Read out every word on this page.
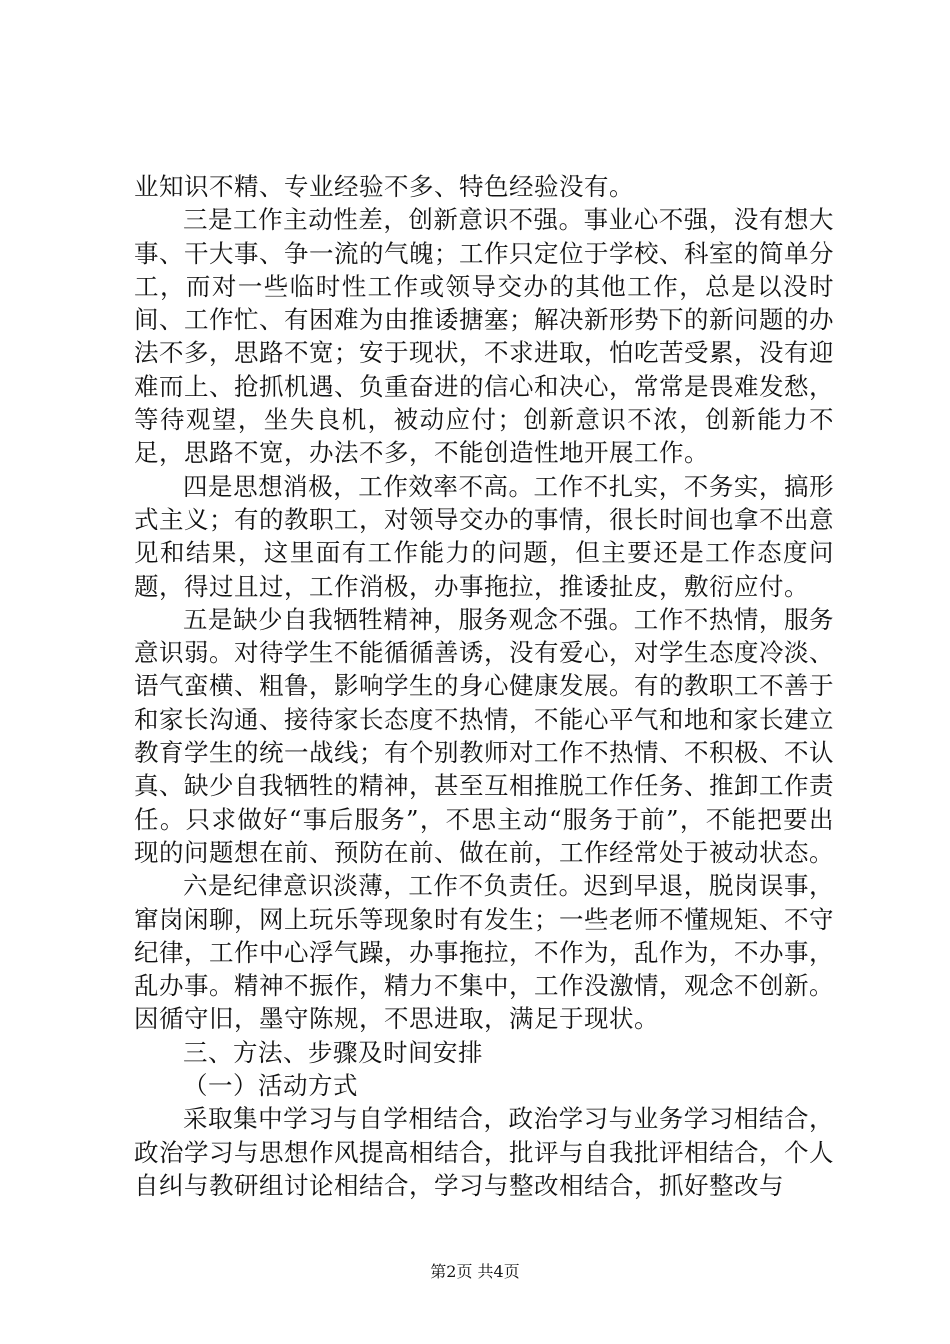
业知识不精、专业经验不多、特色经验没有。

三是工作主动性差，创新意识不强。事业心不强，没有想大事、干大事、争一流的气魄；工作只定位于学校、科室的简单分工，而对一些临时性工作或领导交办的其他工作，总是以没时间、工作忙、有困难为由推诿搪塞；解决新形势下的新问题的办法不多，思路不宽；安于现状，不求进取，怕吃苦受累，没有迎难而上、抢抓机遇、负重奋进的信心和决心，常常是畏难发愁，等待观望，坐失良机，被动应付；创新意识不浓，创新能力不足，思路不宽，办法不多，不能创造性地开展工作。

四是思想消极，工作效率不高。工作不扎实，不务实，搞形式主义；有的教职工，对领导交办的事情，很长时间也拿不出意见和结果，这里面有工作能力的问题，但主要还是工作态度问题，得过且过，工作消极，办事拖拉，推诿扯皮，敷衍应付。

五是缺少自我牺牲精神，服务观念不强。工作不热情，服务意识弱。对待学生不能循循善诱，没有爱心，对学生态度冷淡、语气蛮横、粗鲁，影响学生的身心健康发展。有的教职工不善于和家长沟通、接待家长态度不热情，不能心平气和地和家长建立教育学生的统一战线；有个别教师对工作不热情、不积极、不认真、缺少自我牺牲的精神，甚至互相推脱工作任务、推卸工作责任。只求做好“事后服务”，不思主动“服务于前”，不能把要出现的问题想在前、预防在前、做在前，工作经常处于被动状态。

六是纪律意识淡薄，工作不负责任。迟到早退，脱岗误事，窜岗闲聊，网上玩乐等现象时有发生；一些老师不懂规矩、不守纪律，工作中心浮气躁，办事拖拉，不作为，乱作为，不办事，乱办事。精神不振作，精力不集中，工作没激情，观念不创新。因循守旧，墨守陈规，不思进取，满足于现状。

三、方法、步骤及时间安排

（一）活动方式

采取集中学习与自学相结合，政治学习与业务学习相结合，政治学习与思想作风提高相结合，批评与自我批评相结合，个人自纠与教研组讨论相结合，学习与整改相结合，抓好整改与

第2页 共4页
